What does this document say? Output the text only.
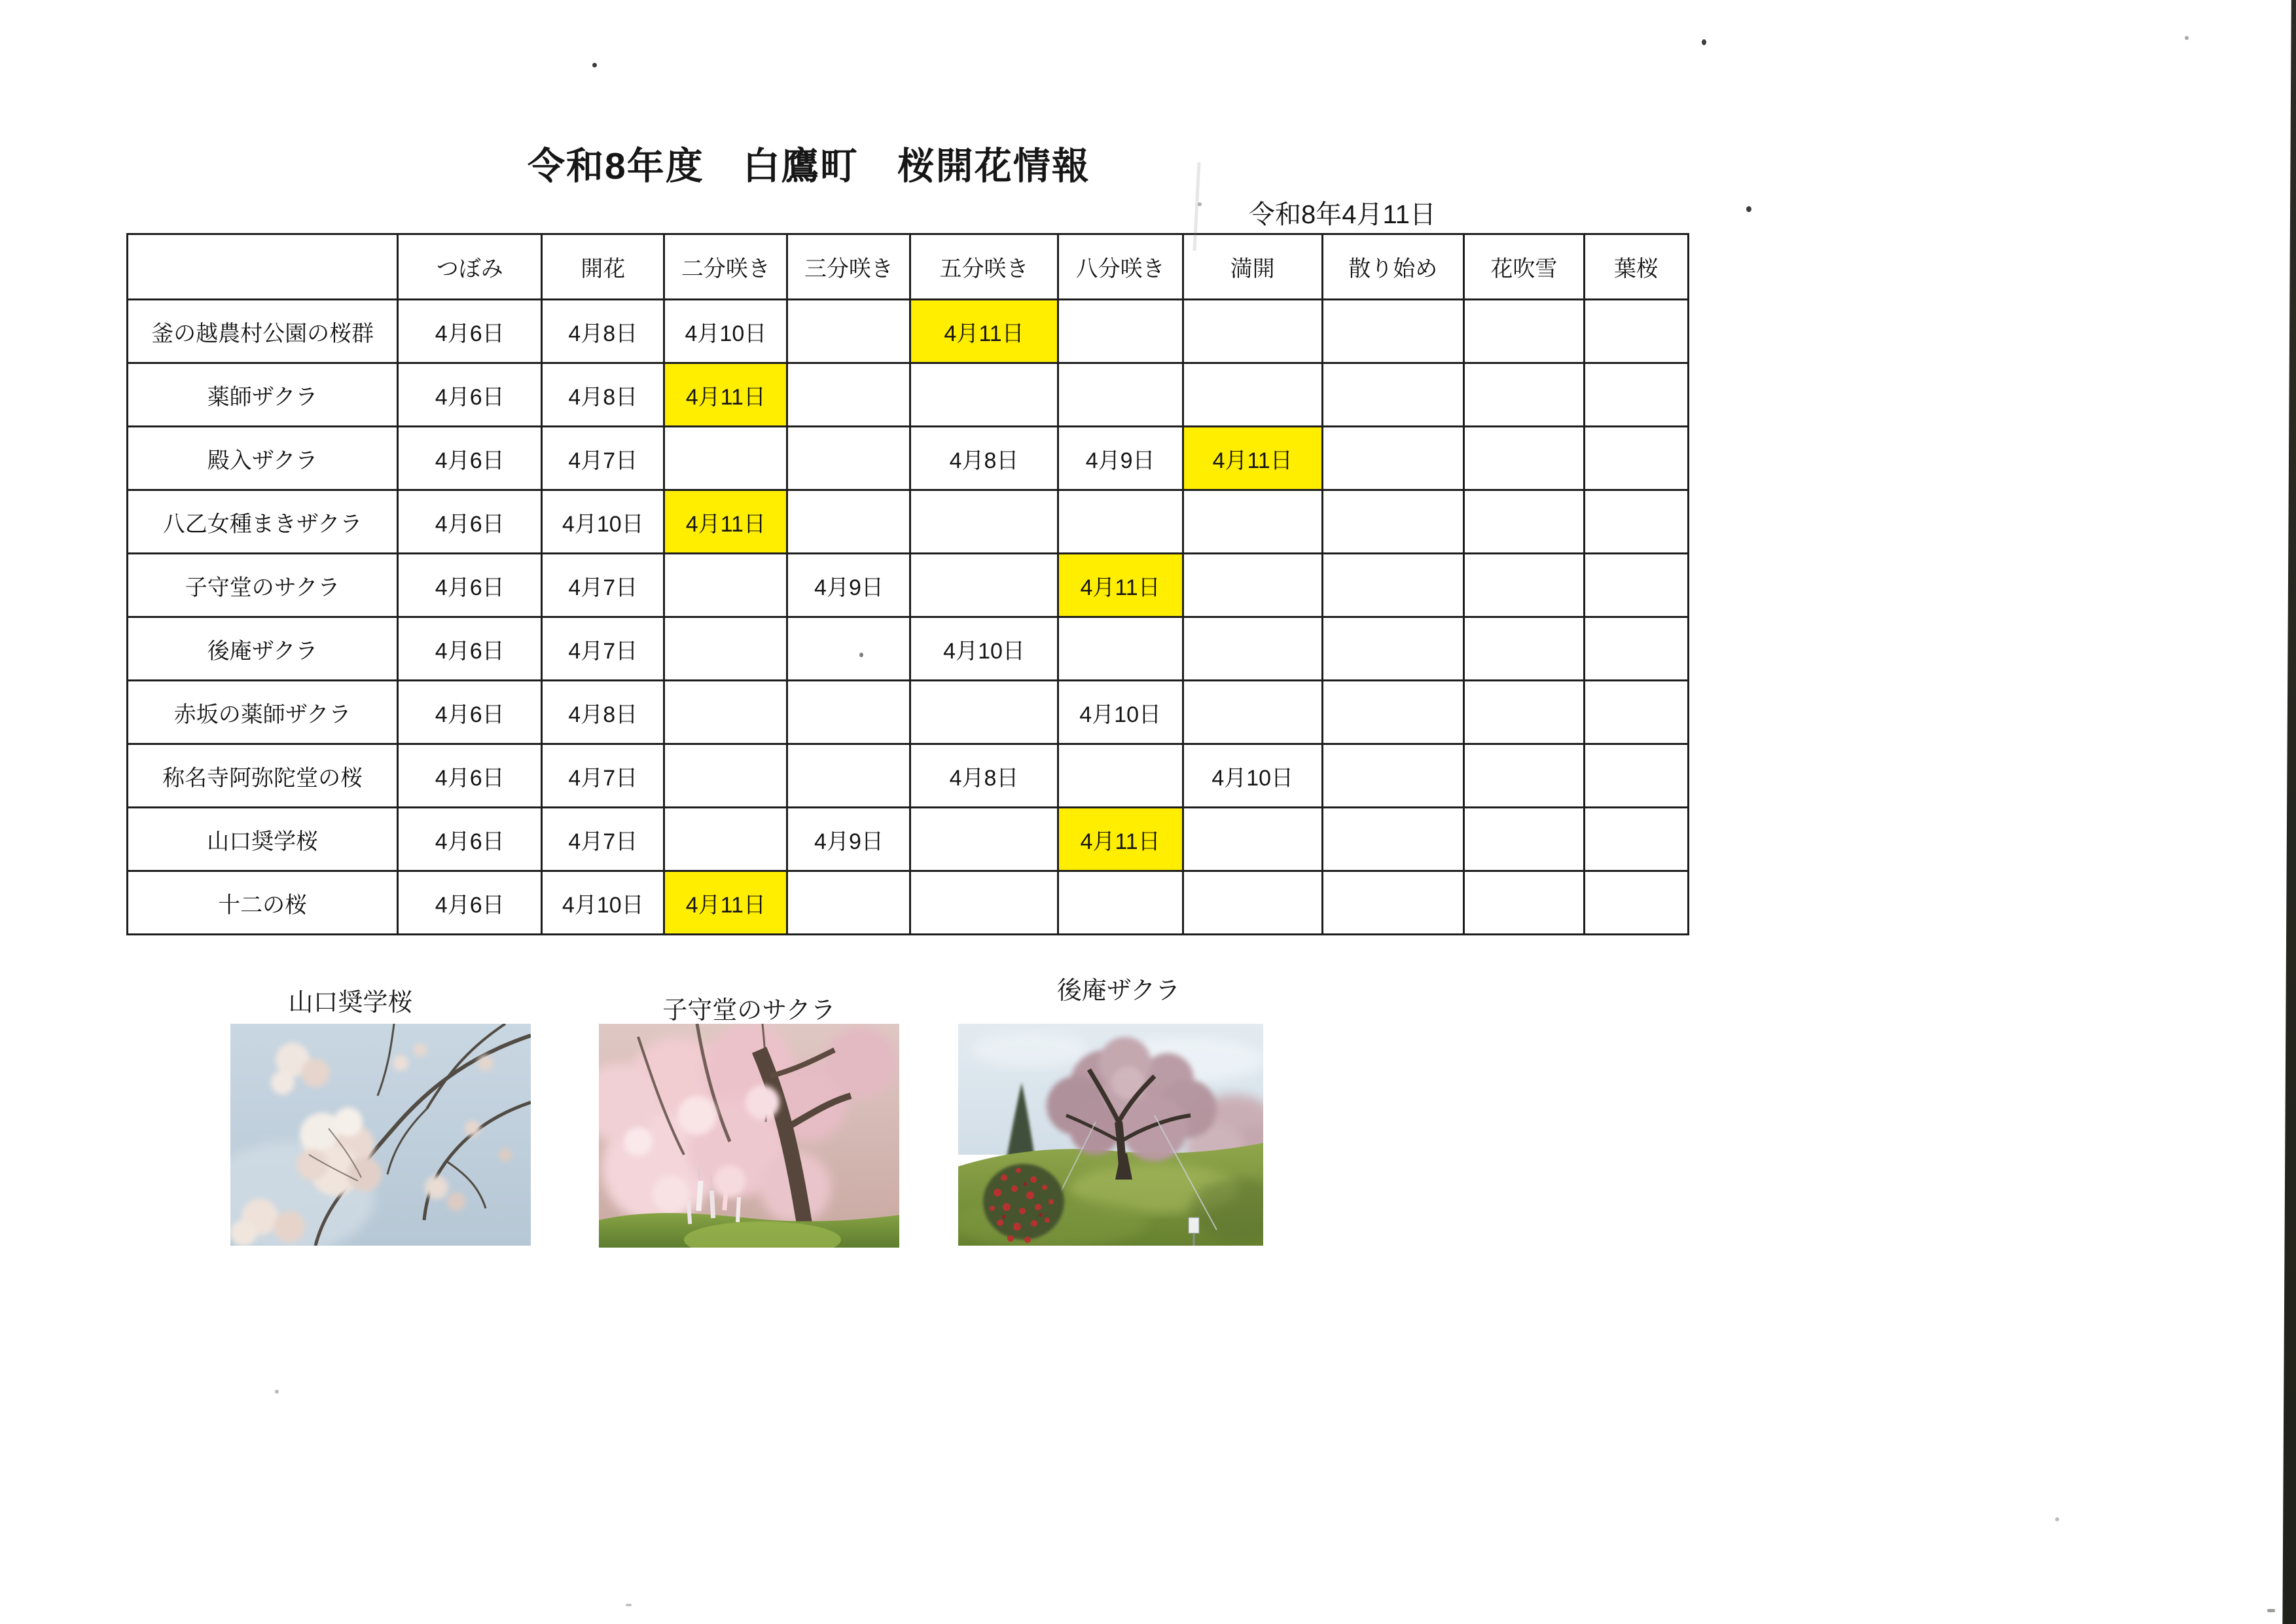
令和8年度　白鷹町　桜開花情報
令和8年4月11日
	つぼみ	開花	二分咲き	三分咲き	五分咲き	八分咲き	満開	散り始め	花吹雪	葉桜
釜の越農村公園の桜群	4月6日	4月8日	4月10日		4月11日					
薬師ザクラ	4月6日	4月8日	4月11日							
殿入ザクラ	4月6日	4月7日			4月8日	4月9日	4月11日			
八乙女種まきザクラ	4月6日	4月10日	4月11日							
子守堂のサクラ	4月6日	4月7日		4月9日		4月11日				
後庵ザクラ	4月6日	4月7日			4月10日					
赤坂の薬師ザクラ	4月6日	4月8日				4月10日				
称名寺阿弥陀堂の桜	4月6日	4月7日			4月8日		4月10日			
山口奨学桜	4月6日	4月7日		4月9日		4月11日				
十二の桜	4月6日	4月10日	4月11日							
山口奨学桜	子守堂のサクラ
後庵ザクラ
